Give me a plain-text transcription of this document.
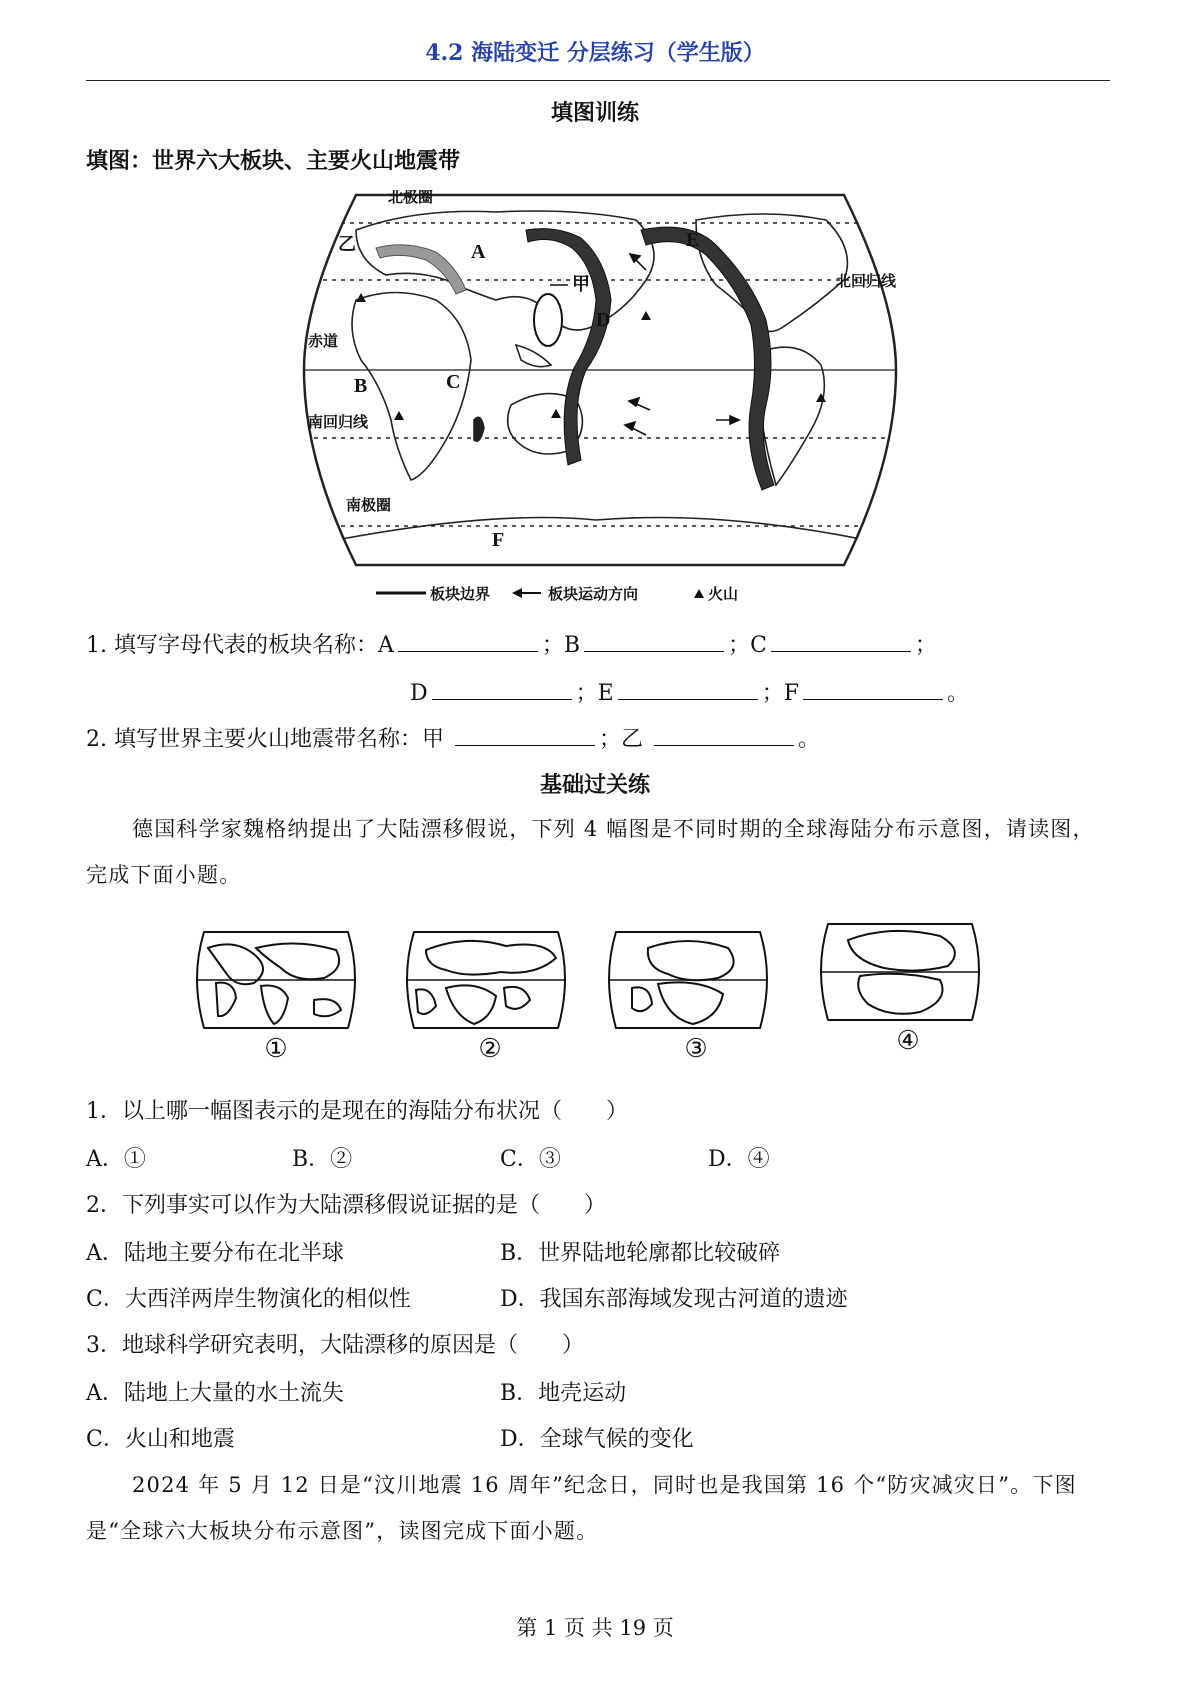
4.2 海陆变迁 分层练习（学生版）
填图训练
填图：世界六大板块、主要火山地震带
北极圈
赤道
南回归线
南极圈
北回归线
A
B	C
D
E
F
甲
乙
板块边界	板块运动方向	火山
1. 填写字母代表的板块名称：A	；B	；C	；
D	；E	；F	。
2. 填写世界主要火山地震带名称：甲	；乙	。
基础过关练
德国科学家魏格纳提出了大陆漂移假说，下列 4 幅图是不同时期的全球海陆分布示意图，请读图，完成下面小题。
①	②	③	④
1．以上哪一幅图表示的是现在的海陆分布状况（　　）
A．①	B．②	C．③	D．④
2．下列事实可以作为大陆漂移假说证据的是（　　）
A．陆地主要分布在北半球	B．世界陆地轮廓都比较破碎
C．大西洋两岸生物演化的相似性	D．我国东部海域发现古河道的遗迹
3．地球科学研究表明，大陆漂移的原因是（　　）
A．陆地上大量的水土流失	B．地壳运动
C．火山和地震	D．全球气候的变化
2024 年 5 月 12 日是“汶川地震 16 周年”纪念日，同时也是我国第 16 个“防灾减灾日”。下图是“全球六大板块分布示意图”，读图完成下面小题。
第 1 页 共 19 页
